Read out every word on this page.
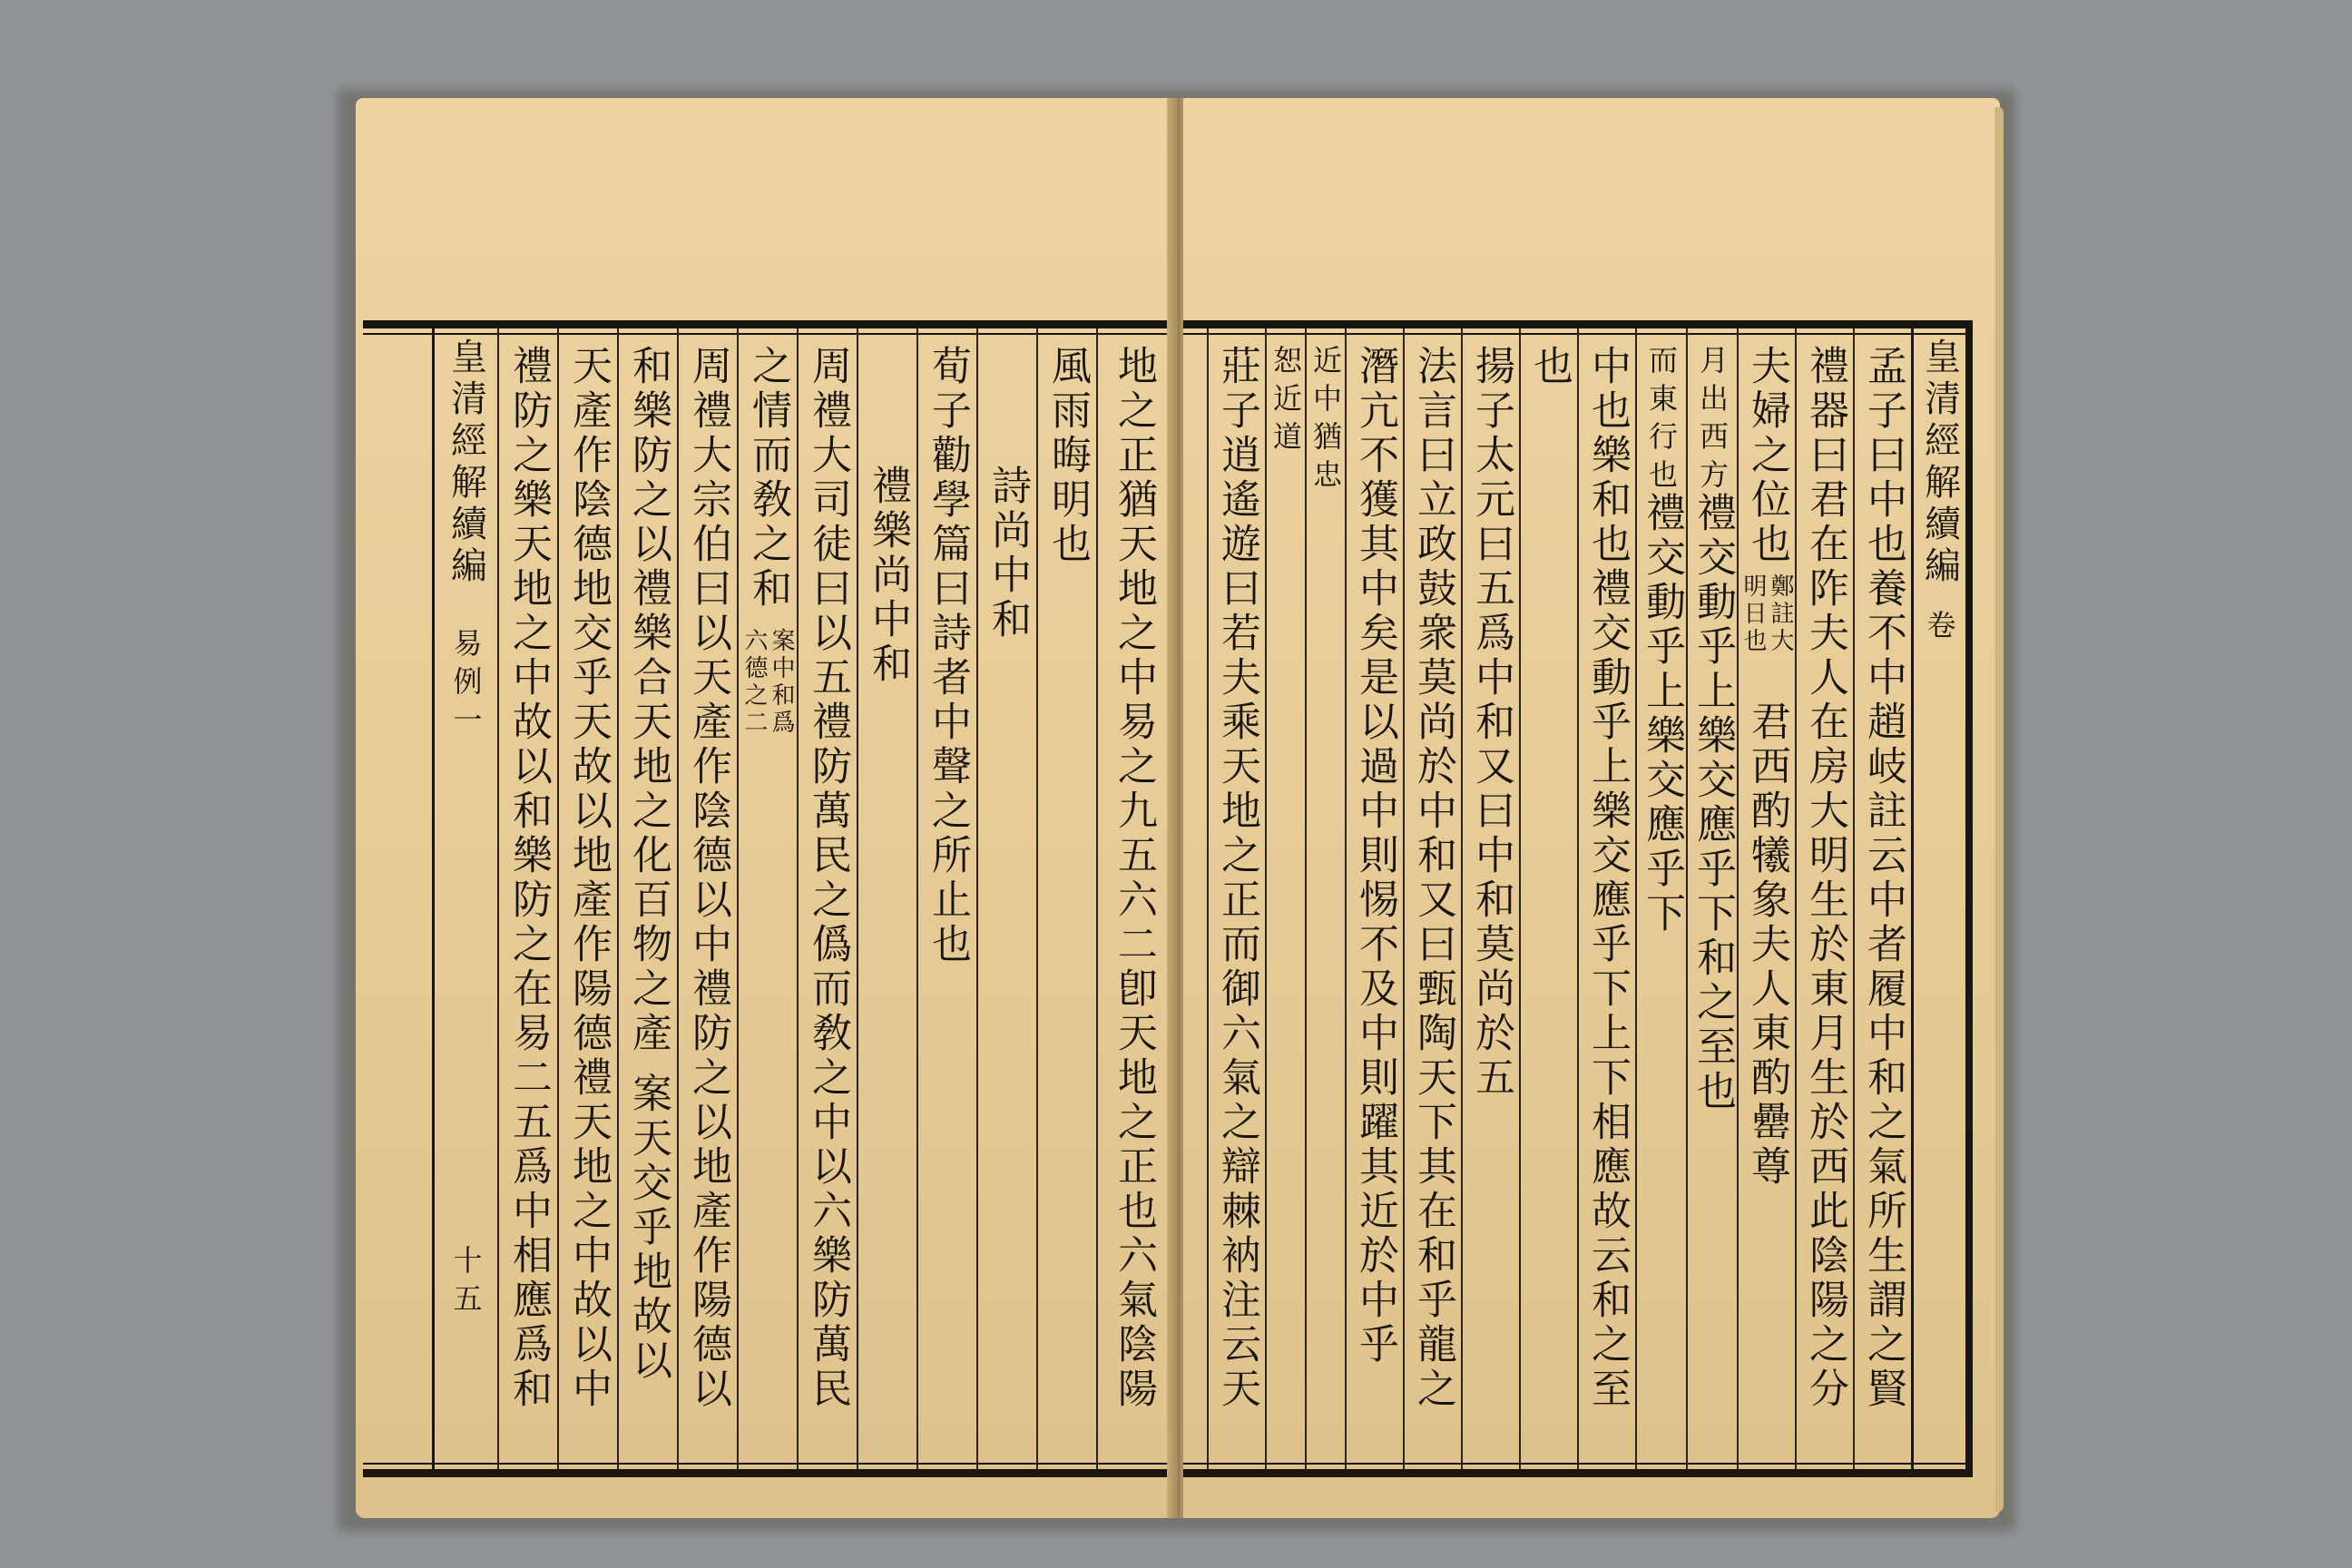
地之正猶天地之中易之九五六二卽天地之正也六氣陰陽
風雨晦明也
詩尚中和
荀子勸學篇曰詩者中聲之所止也
禮樂尚中和
周禮大司徒曰以五禮防萬民之僞而敎之中以六樂防萬民
之情而敎之和
案中和爲
六德之二
周禮大宗伯曰以天產作陰德以中禮防之以地產作陽德以
和樂防之以禮樂合天地之化百物之產
案天交乎地故以
天產作陰德地交乎天故以地產作陽德禮天地之中故以中
禮防之樂天地之中故以和樂防之在易二五爲中相應爲和
皇清經解續編
易例一
十五
皇清經解續編
卷
孟子曰中也養不中趙岐註云中者履中和之氣所生謂之賢
禮器曰君在阼夫人在房大明生於東月生於西此陰陽之分
夫婦之位也
鄭註大
明日也
君西酌犧象夫人東酌罍尊
月出西方
禮交動乎上樂交應乎下和之至也
而東行也
禮交動乎上樂交應乎下
中也樂和也禮交動乎上樂交應乎下上下相應故云和之至
也
揚子太元曰五爲中和又曰中和莫尚於五
法言曰立政鼓衆莫尚於中和又曰甄陶天下其在和乎龍之
潛亢不獲其中矣是以過中則惕不及中則躍其近於中乎
近中猶忠
恕近道
莊子逍遙遊曰若夫乘天地之正而御六氣之辯棘衲注云天
